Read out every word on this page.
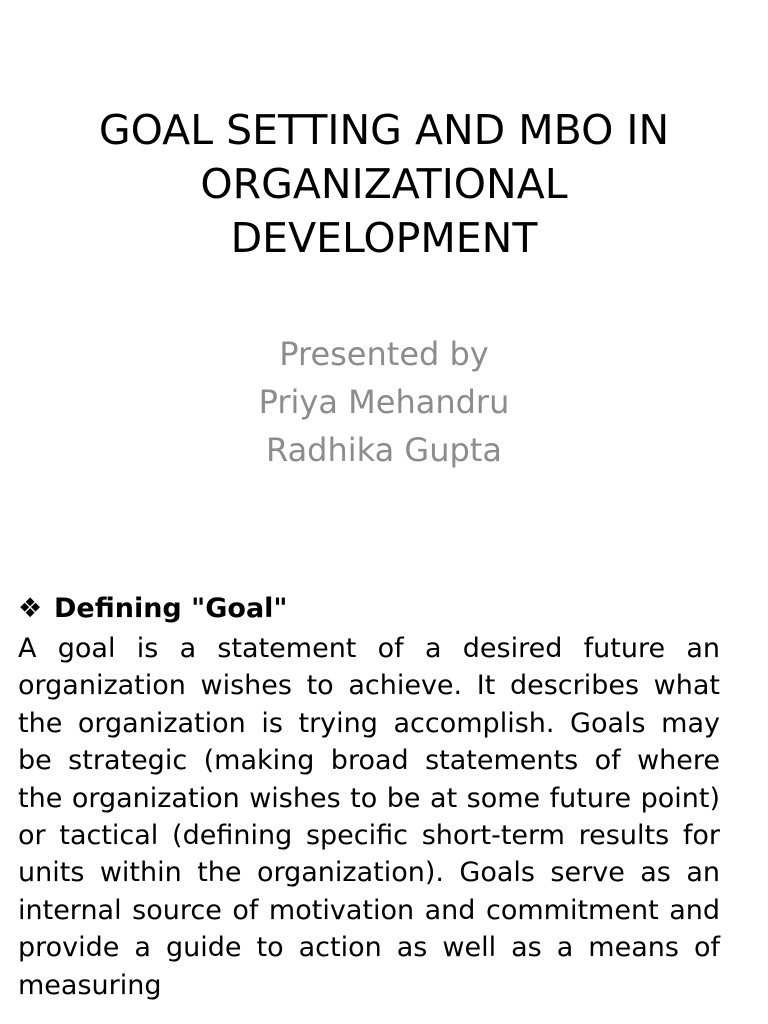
GOAL SETTING AND MBO IN
ORGANIZATIONAL
DEVELOPMENT
Presented by
Priya Mehandru
Radhika Gupta

❖ Defining "Goal"

A goal is a statement of a desired future an organization wishes to achieve. It describes what the organization is trying accomplish. Goals may be strategic (making broad statements of where the organization wishes to be at some future point) or tactical (defining specific short-term results for units within the organization). Goals serve as an internal source of motivation and commitment and provide a guide to action as well as a means of measuring
